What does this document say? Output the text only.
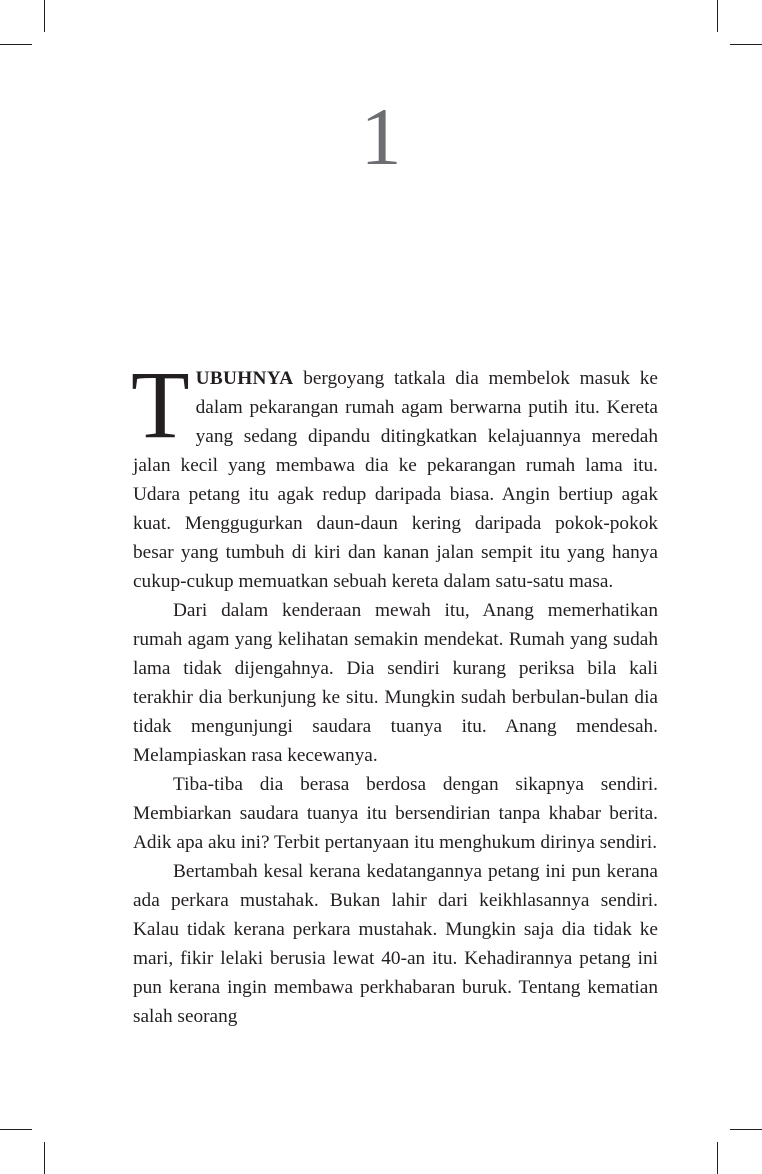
1

TUBUHNYA bergoyang tatkala dia membelok masuk ke dalam pekarangan rumah agam berwarna putih itu. Kereta yang sedang dipandu ditingkatkan kelajuannya meredah jalan kecil yang membawa dia ke pekarangan rumah lama itu. Udara petang itu agak redup daripada biasa. Angin bertiup agak kuat. Menggugurkan daun-daun kering daripada pokok-pokok besar yang tumbuh di kiri dan kanan jalan sempit itu yang hanya cukup-cukup memuatkan sebuah kereta dalam satu-satu masa.

Dari dalam kenderaan mewah itu, Anang memerhatikan rumah agam yang kelihatan semakin mendekat. Rumah yang sudah lama tidak dijengahnya. Dia sendiri kurang periksa bila kali terakhir dia berkunjung ke situ. Mungkin sudah berbulan-bulan dia tidak mengunjungi saudara tuanya itu. Anang mendesah. Melampiaskan rasa kecewanya.

Tiba-tiba dia berasa berdosa dengan sikapnya sendiri. Membiarkan saudara tuanya itu bersendirian tanpa khabar berita. Adik apa aku ini? Terbit pertanyaan itu menghukum dirinya sendiri.

Bertambah kesal kerana kedatangannya petang ini pun kerana ada perkara mustahak. Bukan lahir dari keikhlasannya sendiri. Kalau tidak kerana perkara mustahak. Mungkin saja dia tidak ke mari, fikir lelaki berusia lewat 40-an itu. Kehadirannya petang ini pun kerana ingin membawa perkhabaran buruk. Tentang kematian salah seorang
